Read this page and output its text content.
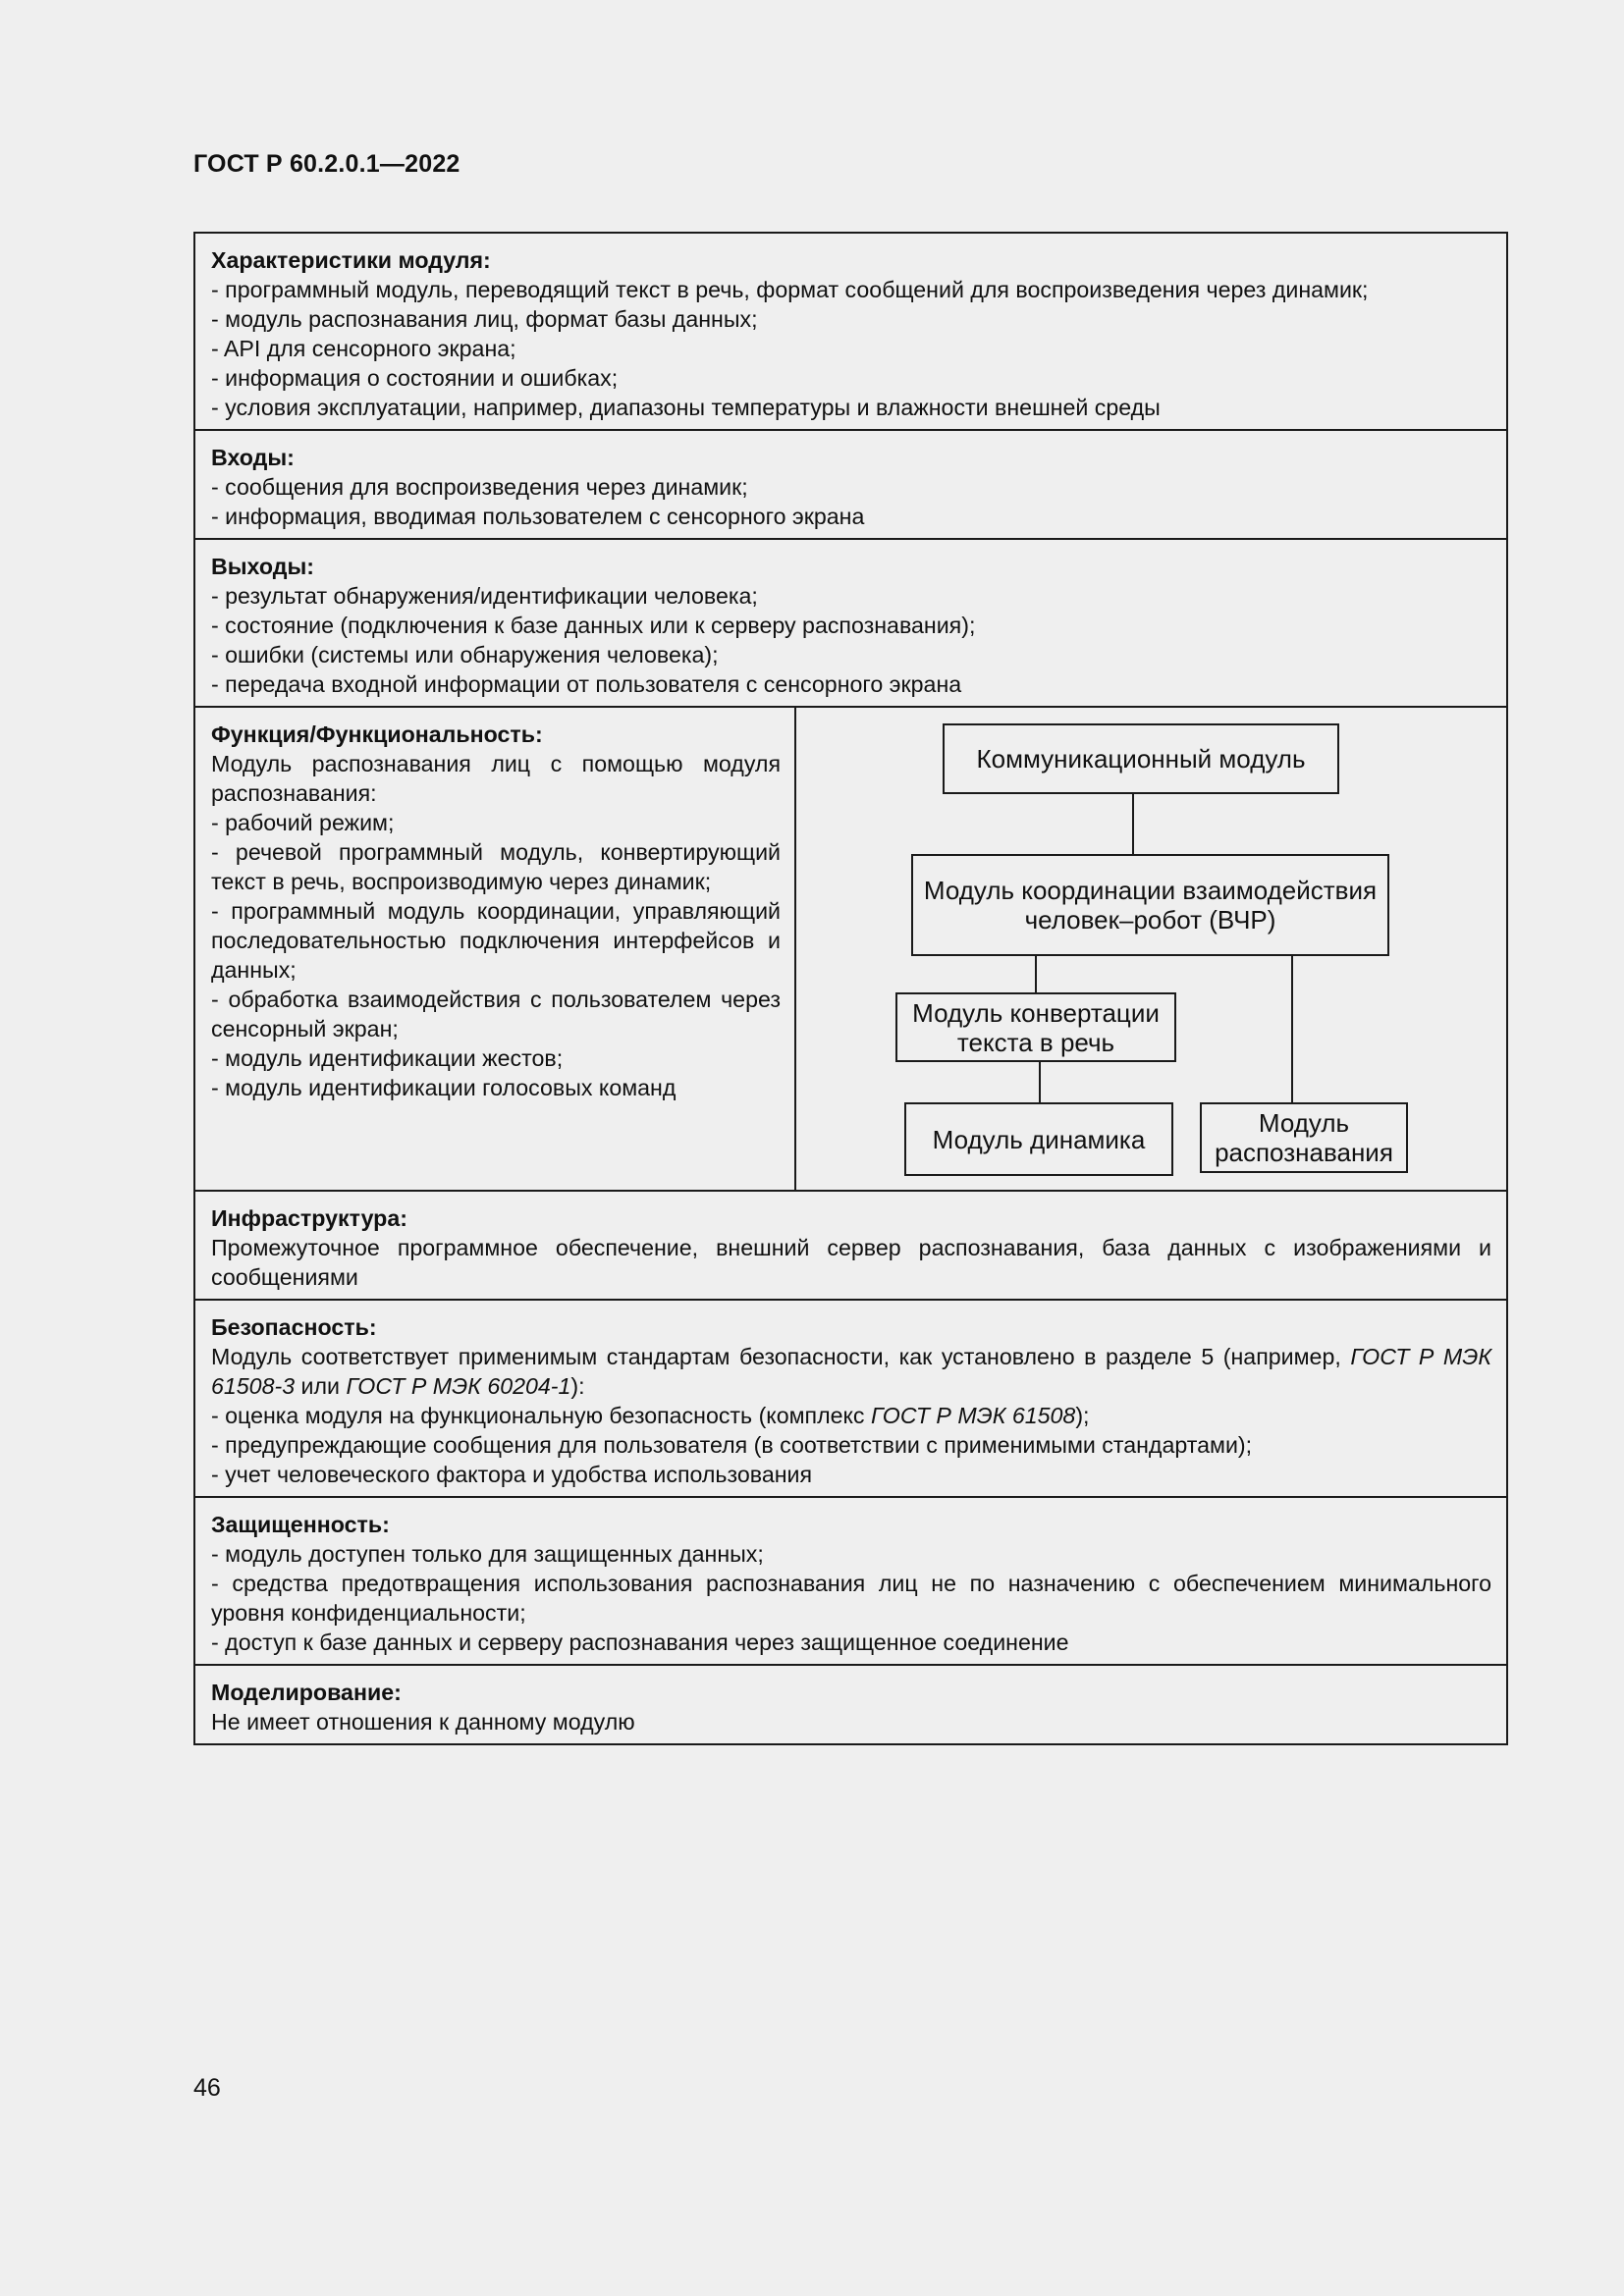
ГОСТ Р 60.2.0.1—2022
Характеристики модуля:
- программный модуль, переводящий текст в речь, формат сообщений для воспроизведения через динамик;
- модуль распознавания лиц, формат базы данных;
- API для сенсорного экрана;
- информация о состоянии и ошибках;
- условия эксплуатации, например, диапазоны температуры и влажности внешней среды
Входы:
- сообщения для воспроизведения через динамик;
- информация, вводимая пользователем с сенсорного экрана
Выходы:
- результат обнаружения/идентификации человека;
- состояние (подключения к базе данных или к серверу распознавания);
- ошибки (системы или обнаружения человека);
- передача входной информации от пользователя с сенсорного экрана
Функция/Функциональность:
Модуль распознавания лиц с помощью модуля распознавания:
- рабочий режим;
- речевой программный модуль, конвертирующий текст в речь, воспроизводимую через динамик;
- программный модуль координации, управляющий последовательностью подключения интерфейсов и данных;
- обработка взаимодействия с пользователем через сенсорный экран;
- модуль идентификации жестов;
- модуль идентификации голосовых команд
Коммуникационный модуль
Модуль координации взаимодействия человек–робот (ВЧР)
Модуль конвертации текста в речь
Модуль динамика
Модуль распознавания
Инфраструктура:
Промежуточное программное обеспечение, внешний сервер распознавания, база данных с изображениями и сообщениями
Безопасность:
Модуль соответствует применимым стандартам безопасности, как установлено в разделе 5 (например, ГОСТ Р МЭК 61508-3 или ГОСТ Р МЭК 60204-1):
- оценка модуля на функциональную безопасность (комплекс ГОСТ Р МЭК 61508);
- предупреждающие сообщения для пользователя (в соответствии с применимыми стандартами);
- учет человеческого фактора и удобства использования
Защищенность:
- модуль доступен только для защищенных данных;
- средства предотвращения использования распознавания лиц не по назначению с обеспечением минимального уровня конфиденциальности;
- доступ к базе данных и серверу распознавания через защищенное соединение
Моделирование:
Не имеет отношения к данному модулю
46
